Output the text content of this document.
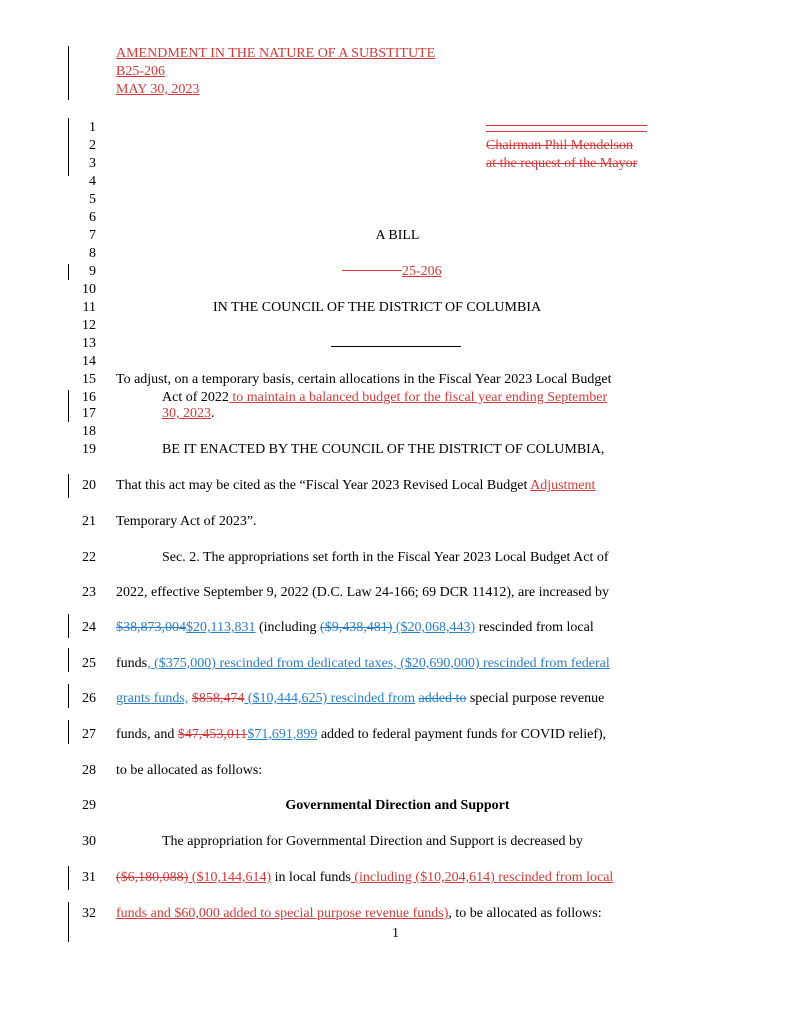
AMENDMENT IN THE NATURE OF A SUBSTITUTE
B25-206
MAY 30, 2023
Chairman Phil Mendelson
at the request of the Mayor
1
2
3
4
5
6
7
8
9
10
11
12
13
14
15
16
17
18
19
20
21
22
23
24
25
26
27
28
29
30
31
32
A BILL
25-206
IN THE COUNCIL OF THE DISTRICT OF COLUMBIA
To adjust, on a temporary basis, certain allocations in the Fiscal Year 2023 Local Budget
Act of 2022 to maintain a balanced budget for the fiscal year ending September
30, 2023.
BE IT ENACTED BY THE COUNCIL OF THE DISTRICT OF COLUMBIA,
That this act may be cited as the “Fiscal Year 2023 Revised Local Budget Adjustment
Temporary Act of 2023”.
Sec. 2. The appropriations set forth in the Fiscal Year 2023 Local Budget Act of
2022, effective September 9, 2022 (D.C. Law 24-166; 69 DCR 11412), are increased by
$38,873,004$20,113,831 (including ($9,438,481) ($20,068,443) rescinded from local
funds, ($375,000) rescinded from dedicated taxes, ($20,690,000) rescinded from federal
grants funds, $858,474 ($10,444,625) rescinded from added to special purpose revenue
funds, and $47,453,011$71,691,899 added to federal payment funds for COVID relief),
to be allocated as follows:
Governmental Direction and Support
The appropriation for Governmental Direction and Support is decreased by
($6,180,088) ($10,144,614) in local funds (including ($10,204,614) rescinded from local
funds and $60,000 added to special purpose revenue funds), to be allocated as follows:
1
